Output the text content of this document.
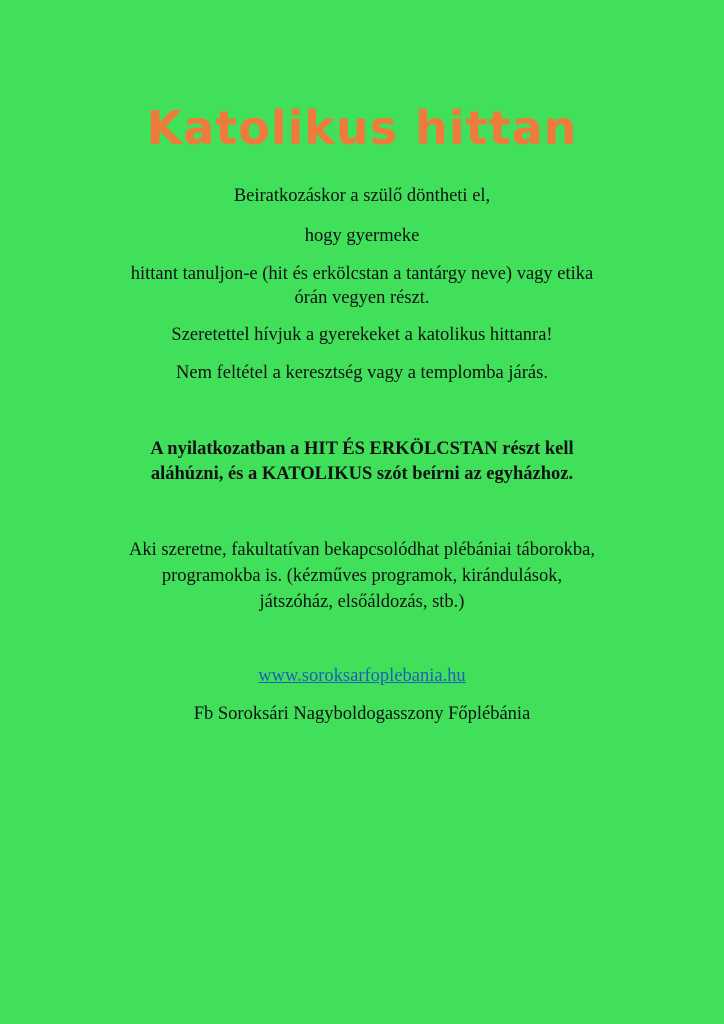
Katolikus hittan
Beiratkozáskor a szülő döntheti el,
hogy gyermeke
hittant tanuljon-e (hit és erkölcstan a tantárgy neve) vagy etika
órán vegyen részt.
Szeretettel hívjuk a gyerekeket a katolikus hittanra!
Nem feltétel a keresztség vagy a templomba járás.
A nyilatkozatban a HIT ÉS ERKÖLCSTAN részt kell
aláhúzni, és a KATOLIKUS szót beírni az egyházhoz.
Aki szeretne, fakultatívan bekapcsolódhat plébániai táborokba,
programokba is. (kézműves programok, kirándulások,
játszóház, elsőáldozás, stb.)
www.soroksarfoplebania.hu
Fb Soroksári Nagyboldogasszony Főplébánia
